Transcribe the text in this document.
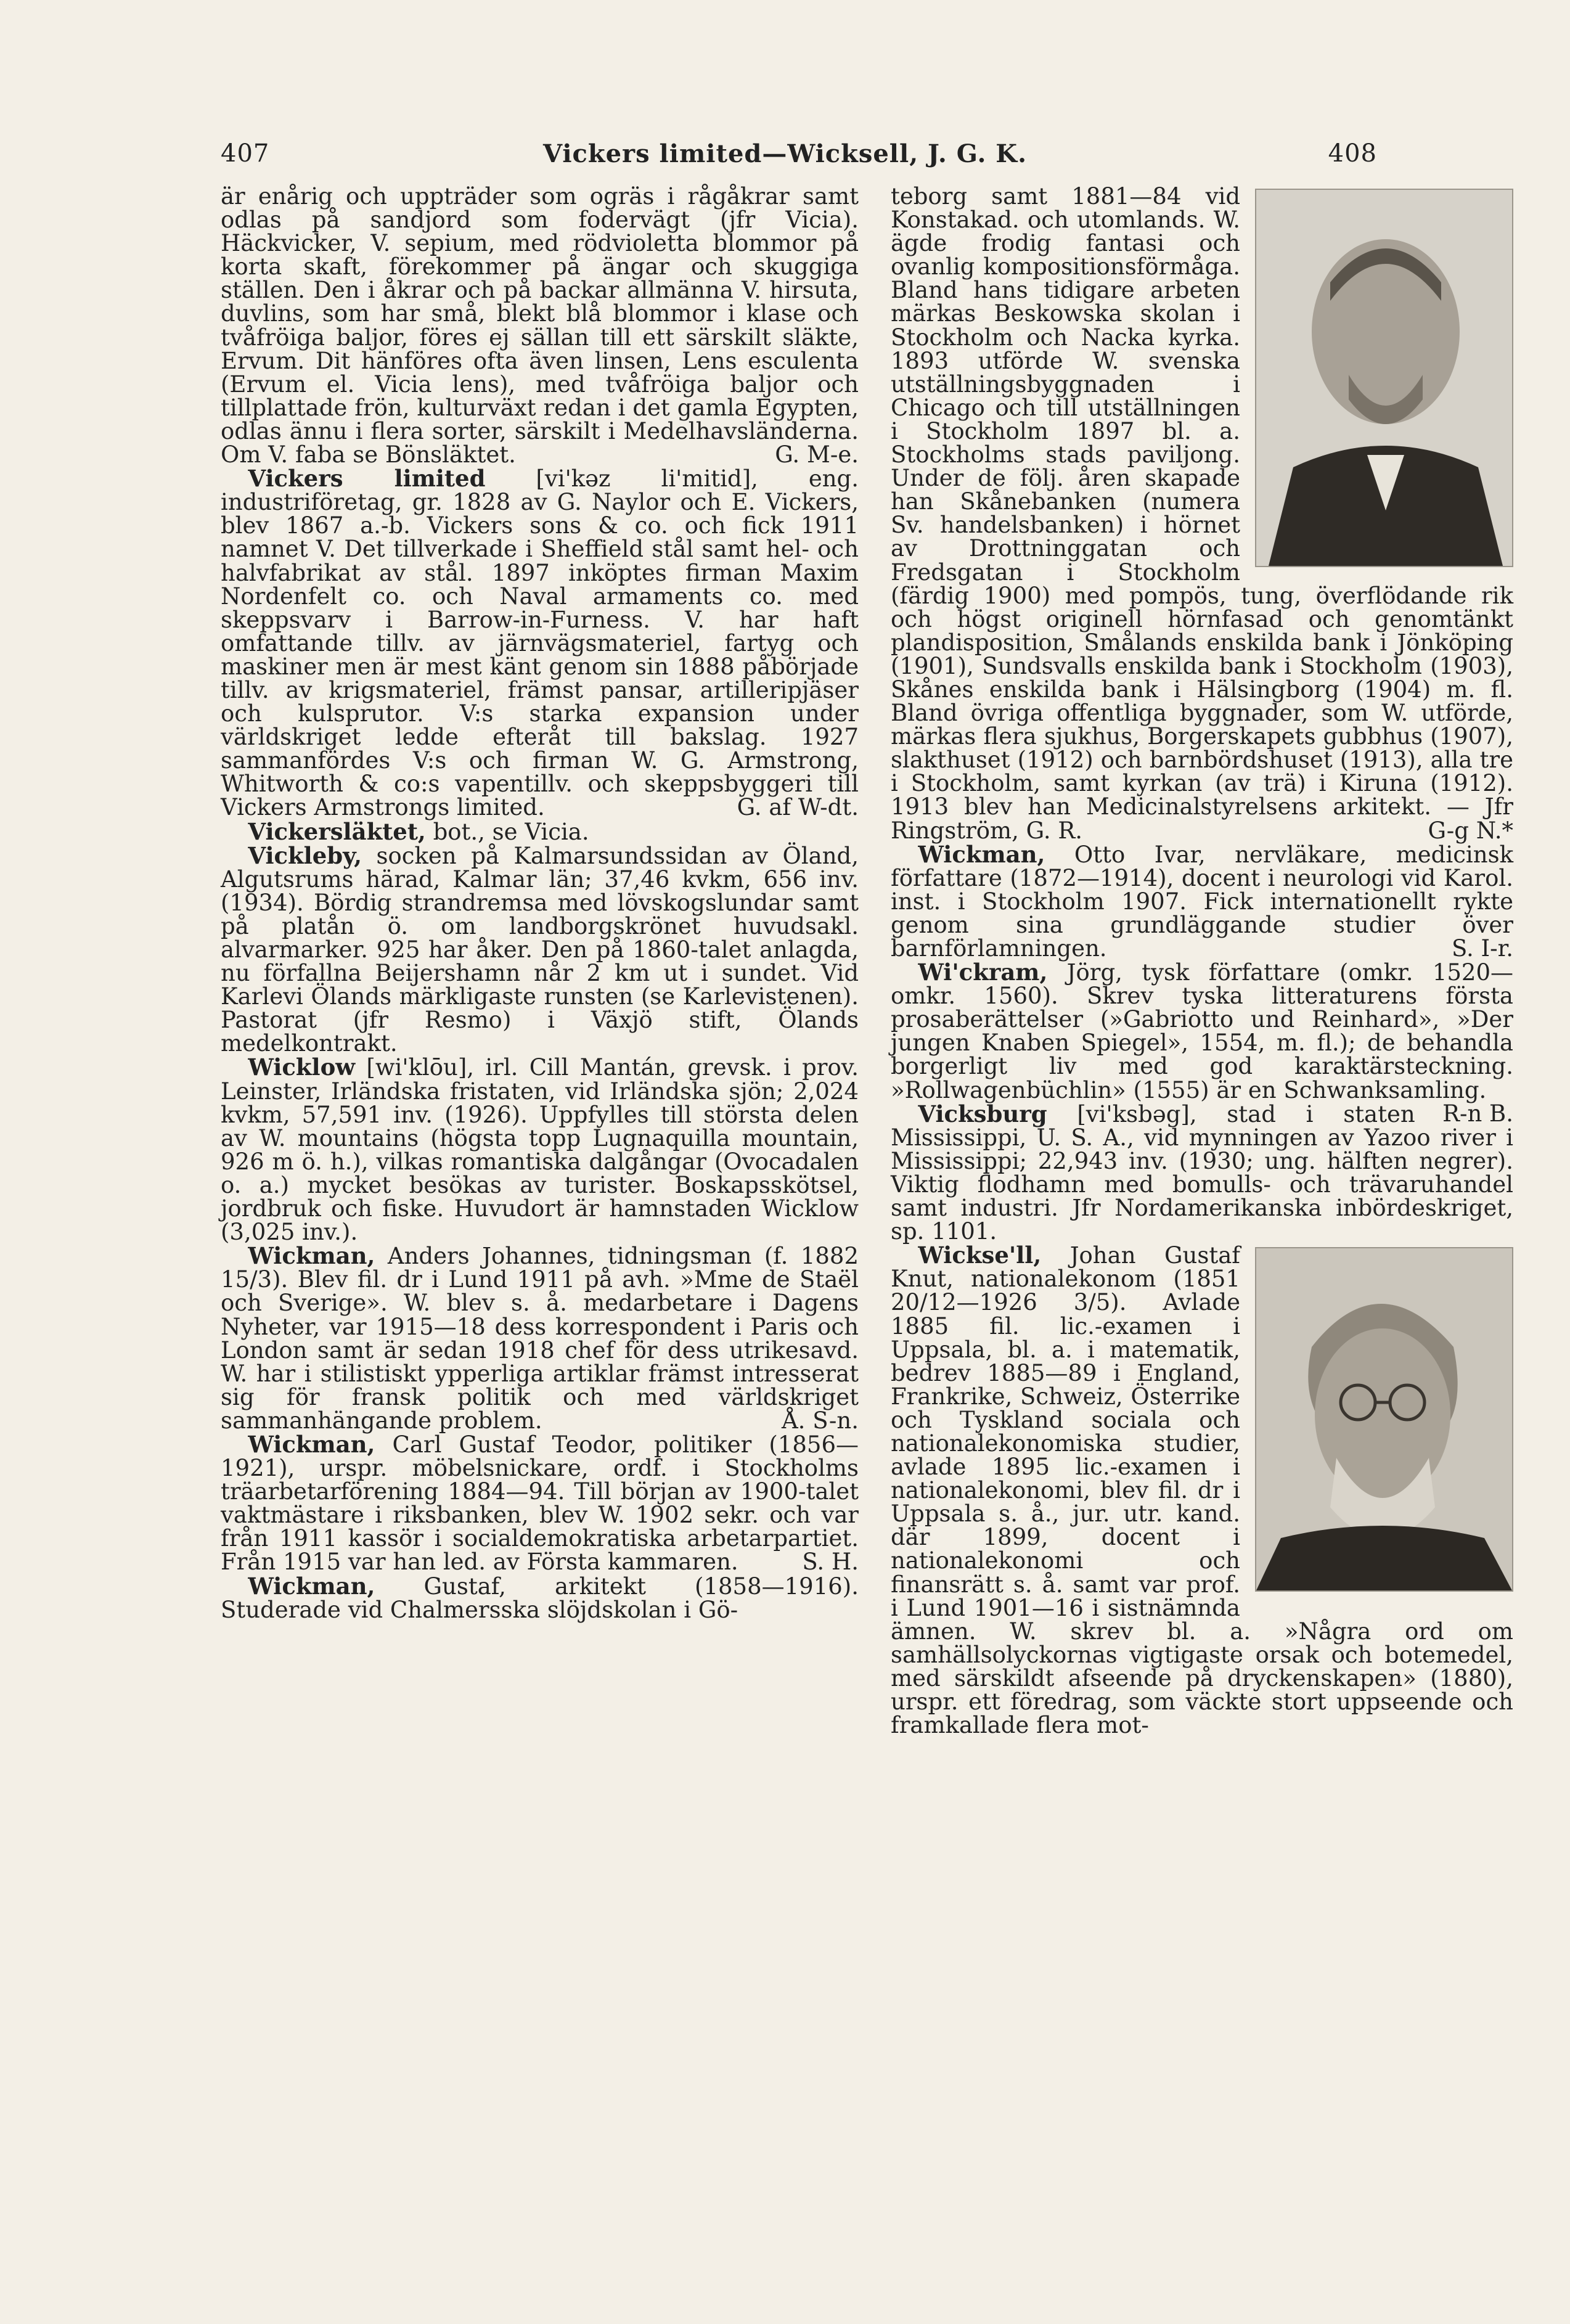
407	Vickers limited—Wicksell, J. G. K.	408

är enårig och uppträder som ogräs i rågåkrar samt odlas på sandjord som fodervägt (jfr Vicia). Häckvicker, V. sepium, med rödvioletta blommor på korta skaft, förekommer på ängar och skuggiga ställen. Den i åkrar och på backar allmänna V. hirsuta, duvlins, som har små, blekt blå blommor i klase och tvåfröiga baljor, föres ej sällan till ett särskilt släkte, Ervum. Dit hänföres ofta även linsen, Lens esculenta (Ervum el. Vicia lens), med tvåfröiga baljor och tillplattade frön, kulturväxt redan i det gamla Egypten, odlas ännu i flera sorter, särskilt i Medelhavsländerna. Om V. faba se Bönsläktet.	G. M-e.

Vickers limited [vi'kəz li'mitid], eng. industriföretag, gr. 1828 av G. Naylor och E. Vickers, blev 1867 a.-b. Vickers sons & co. och fick 1911 namnet V. Det tillverkade i Sheffield stål samt hel- och halvfabrikat av stål. 1897 inköptes firman Maxim Nordenfelt co. och Naval armaments co. med skeppsvarv i Barrow-in-Furness. V. har haft omfattande tillv. av järnvägsmateriel, fartyg och maskiner men är mest känt genom sin 1888 påbörjade tillv. av krigsmateriel, främst pansar, artilleripjäser och kulsprutor. V:s starka expansion under världskriget ledde efteråt till bakslag. 1927 sammanfördes V:s och firman W. G. Armstrong, Whitworth & co:s vapentillv. och skeppsbyggeri till Vickers Armstrongs limited.	G. af W-dt.

Vickersläktet, bot., se Vicia.

Vickleby, socken på Kalmarsundssidan av Öland, Algutsrums härad, Kalmar län; 37,46 kvkm, 656 inv. (1934). Bördig strandremsa med lövskogslundar samt på platån ö. om landborgskrönet huvudsakl. alvarmarker. 925 har åker. Den på 1860-talet anlagda, nu förfallna Beijershamn når 2 km ut i sundet. Vid Karlevi Ölands märkligaste runsten (se Karlevistenen). Pastorat (jfr Resmo) i Växjö stift, Ölands medelkontrakt.

Wicklow [wi'klōu], irl. Cill Mantán, grevsk. i prov. Leinster, Irländska fristaten, vid Irländska sjön; 2,024 kvkm, 57,591 inv. (1926). Uppfylles till största delen av W. mountains (högsta topp Lugnaquilla mountain, 926 m ö. h.), vilkas romantiska dalgångar (Ovocadalen o. a.) mycket besökas av turister. Boskapsskötsel, jordbruk och fiske. Huvudort är hamnstaden Wicklow (3,025 inv.).

Wickman, Anders Johannes, tidningsman (f. 1882 15/3). Blev fil. dr i Lund 1911 på avh. »Mme de Staël och Sverige». W. blev s. å. medarbetare i Dagens Nyheter, var 1915—18 dess korrespondent i Paris och London samt är sedan 1918 chef för dess utrikesavd. W. har i stilistiskt ypperliga artiklar främst intresserat sig för fransk politik och med världskriget sammanhängande problem.	Å. S-n.

Wickman, Carl Gustaf Teodor, politiker (1856—1921), urspr. möbelsnickare, ordf. i Stockholms träarbetarförening 1884—94. Till början av 1900-talet vaktmästare i riksbanken, blev W. 1902 sekr. och var från 1911 kassör i socialdemokratiska arbetarpartiet. Från 1915 var han led. av Första kammaren.	S. H.

Wickman, Gustaf, arkitekt (1858—1916). Studerade vid Chalmersska slöjdskolan i Gö-

teborg samt 1881—84 vid Konstakad. och utomlands. W. ägde frodig fantasi och ovanlig kompositionsförmåga. Bland hans tidigare arbeten märkas Beskowska skolan i Stockholm och Nacka kyrka. 1893 utförde W. svenska utställningsbyggnaden i Chicago och till utställningen i Stockholm 1897 bl. a. Stockholms stads paviljong. Under de följ. åren skapade han Skånebanken (numera Sv. handelsbanken) i hörnet av Drottninggatan och Fredsgatan i Stockholm (färdig 1900) med pompös, tung, överflödande rik och högst originell hörnfasad och genomtänkt plandisposition, Smålands enskilda bank i Jönköping (1901), Sundsvalls enskilda bank i Stockholm (1903), Skånes enskilda bank i Hälsingborg (1904) m. fl. Bland övriga offentliga byggnader, som W. utförde, märkas flera sjukhus, Borgerskapets gubbhus (1907), slakthuset (1912) och barnbördshuset (1913), alla tre i Stockholm, samt kyrkan (av trä) i Kiruna (1912). 1913 blev han Medicinalstyrelsens arkitekt. — Jfr Ringström, G. R.	G-g N.*

Wickman, Otto Ivar, nervläkare, medicinsk författare (1872—1914), docent i neurologi vid Karol. inst. i Stockholm 1907. Fick internationellt rykte genom sina grundläggande studier över barnförlamningen.	S. I-r.

Wi'ckram, Jörg, tysk författare (omkr. 1520—omkr. 1560). Skrev tyska litteraturens första prosaberättelser (»Gabriotto und Reinhard», »Der jungen Knaben Spiegel», 1554, m. fl.); de behandla borgerligt liv med god karaktärsteckning. »Rollwagenbüchlin» (1555) är en Schwanksamling.
R-n B.

Vicksburg [vi'ksbəg], stad i staten Mississippi, U. S. A., vid mynningen av Yazoo river i Mississippi; 22,943 inv. (1930; ung. hälften negrer). Viktig flodhamn med bomulls- och trävaruhandel samt industri. Jfr Nordamerikanska inbördeskriget, sp. 1101.

Wickse'll, Johan Gustaf Knut, nationalekonom (1851 20/12—1926 3/5). Avlade 1885 fil. lic.-examen i Uppsala, bl. a. i matematik, bedrev 1885—89 i England, Frankrike, Schweiz, Österrike och Tyskland sociala och nationalekonomiska studier, avlade 1895 lic.-examen i nationalekonomi, blev fil. dr i Uppsala s. å., jur. utr. kand. där 1899, docent i nationalekonomi och finansrätt s. å. samt var prof. i Lund 1901—16 i sistnämnda ämnen. W. skrev bl. a. »Några ord om samhällsolyckornas vigtigaste orsak och botemedel, med särskildt afseende på dryckenskapen» (1880), urspr. ett föredrag, som väckte stort uppseende och framkallade flera mot-
